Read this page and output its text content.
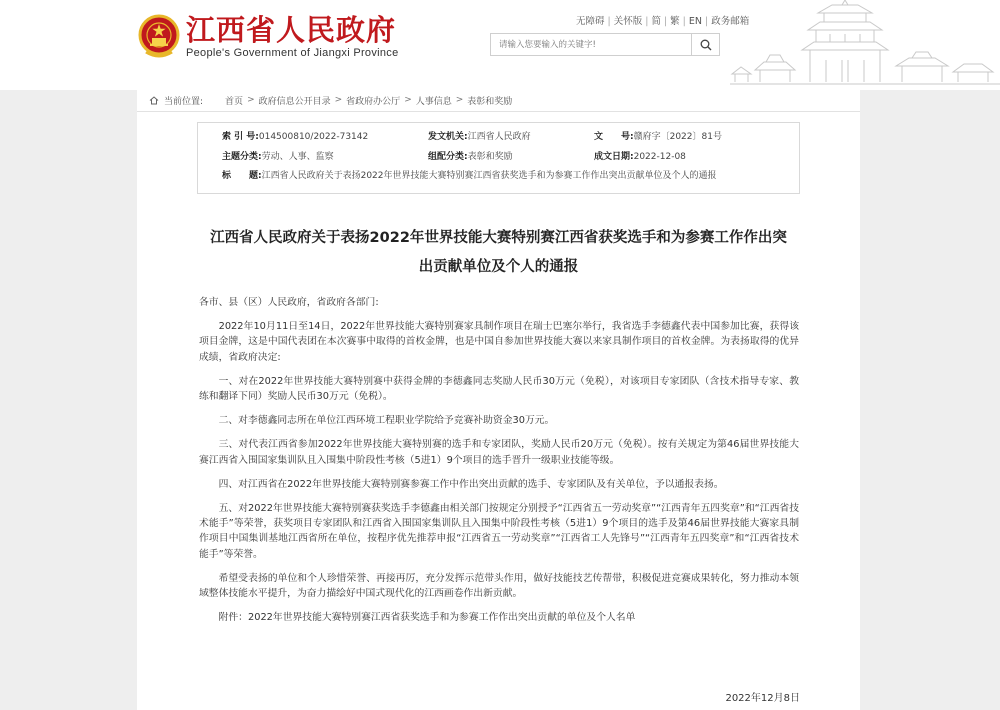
江西省人民政府
People's Government of Jiangxi Province
无障碍 | 关怀版 | 简 | 繁 | EN | 政务邮箱
请输入您要输入的关键字!
当前位置: 首页 > 政府信息公开目录 > 省政府办公厅 > 人事信息 > 表彰和奖励
索 引 号:014500810/2022-73142	发文机关:江西省人民政府	文　　号:赣府字〔2022〕81号
主题分类:劳动、人事、监察	组配分类:表彰和奖励	成文日期:2022-12-08
标　　题:江西省人民政府关于表扬2022年世界技能大赛特别赛江西省获奖选手和为参赛工作作出突出贡献单位及个人的通报
江西省人民政府关于表扬2022年世界技能大赛特别赛江西省获奖选手和为参赛工作作出突
出贡献单位及个人的通报

各市、县（区）人民政府，省政府各部门:

2022年10月11日至14日，2022年世界技能大赛特别赛家具制作项目在瑞士巴塞尔举行，我省选手李德鑫代表中国参加比赛，获得该项目金牌，这是中国代表团在本次赛事中取得的首枚金牌，也是中国自参加世界技能大赛以来家具制作项目的首枚金牌。为表扬取得的优异成绩，省政府决定:

一、对在2022年世界技能大赛特别赛中获得金牌的李德鑫同志奖励人民币30万元（免税），对该项目专家团队（含技术指导专家、教练和翻译下同）奖励人民币30万元（免税）。

二、对李德鑫同志所在单位江西环境工程职业学院给予竞赛补助资金30万元。

三、对代表江西省参加2022年世界技能大赛特别赛的选手和专家团队，奖励人民币20万元（免税）。按有关规定为第46届世界技能大赛江西省入围国家集训队且入围集中阶段性考核（5进1）9个项目的选手晋升一级职业技能等级。

四、对江西省在2022年世界技能大赛特别赛参赛工作中作出突出贡献的选手、专家团队及有关单位，予以通报表扬。

五、对2022年世界技能大赛特别赛获奖选手李德鑫由相关部门按规定分别授予“江西省五一劳动奖章”“江西青年五四奖章”和“江西省技术能手”等荣誉，获奖项目专家团队和江西省入围国家集训队且入围集中阶段性考核（5进1）9个项目的选手及第46届世界技能大赛家具制作项目中国集训基地江西省所在单位，按程序优先推荐申报“江西省五一劳动奖章”“江西省工人先锋号”“江西青年五四奖章”和“江西省技术能手”等荣誉。

希望受表扬的单位和个人珍惜荣誉、再接再厉，充分发挥示范带头作用，做好技能技艺传帮带，积极促进竞赛成果转化，努力推动本领域整体技能水平提升，为奋力描绘好中国式现代化的江西画卷作出新贡献。

附件：2022年世界技能大赛特别赛江西省获奖选手和为参赛工作作出突出贡献的单位及个人名单

2022年12月8日
